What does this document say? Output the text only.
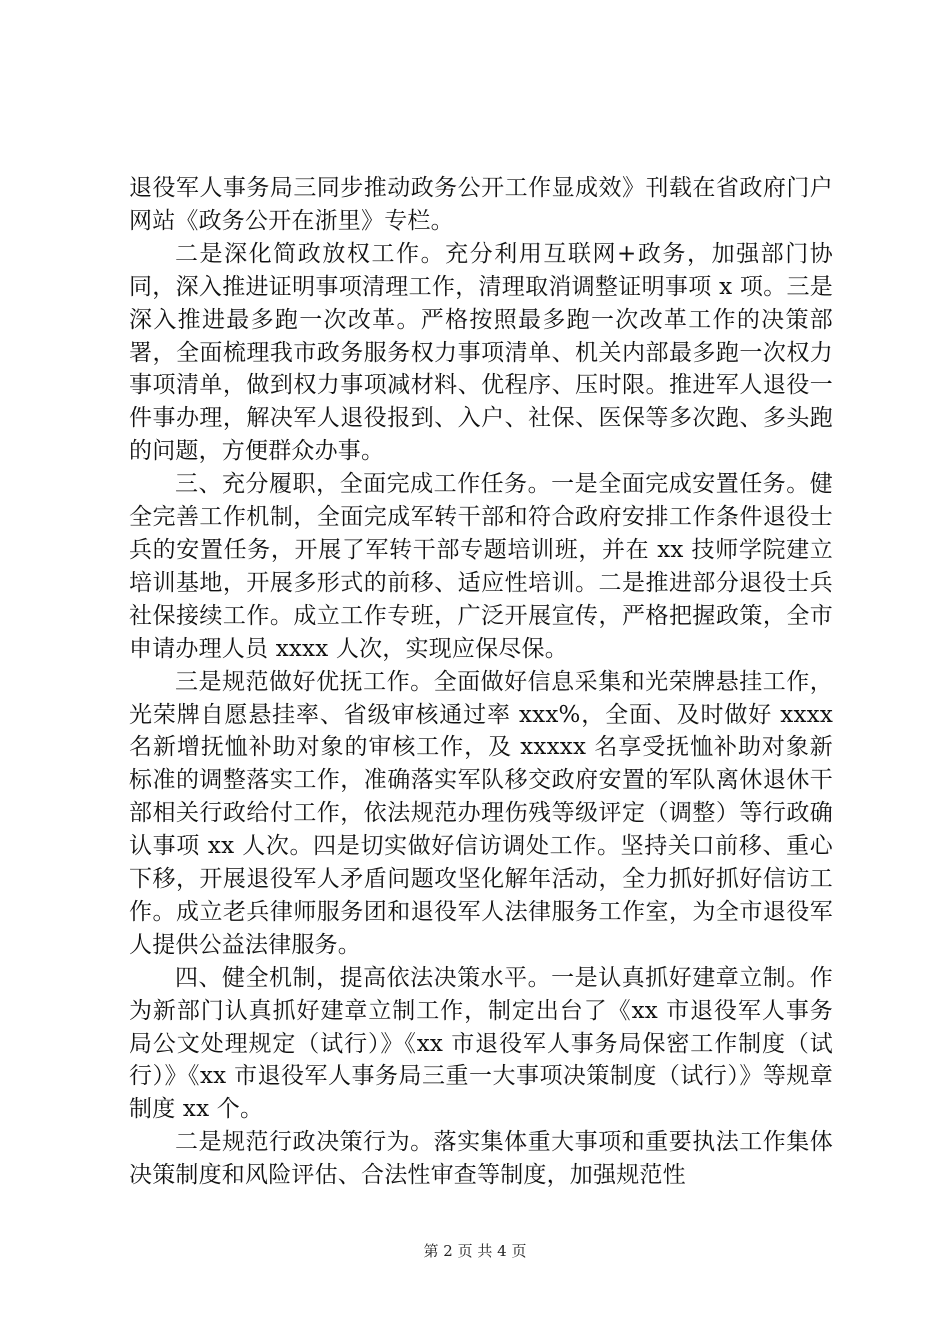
退役军人事务局三同步推动政务公开工作显成效》刊载在省政府门户网站《政务公开在浙里》专栏。

二是深化简政放权工作。充分利用互联网+政务，加强部门协同，深入推进证明事项清理工作，清理取消调整证明事项 x 项。三是深入推进最多跑一次改革。严格按照最多跑一次改革工作的决策部署，全面梳理我市政务服务权力事项清单、机关内部最多跑一次权力事项清单，做到权力事项减材料、优程序、压时限。推进军人退役一件事办理，解决军人退役报到、入户、社保、医保等多次跑、多头跑的问题，方便群众办事。

三、充分履职，全面完成工作任务。一是全面完成安置任务。健全完善工作机制，全面完成军转干部和符合政府安排工作条件退役士兵的安置任务，开展了军转干部专题培训班，并在 xx 技师学院建立培训基地，开展多形式的前移、适应性培训。二是推进部分退役士兵社保接续工作。成立工作专班，广泛开展宣传，严格把握政策，全市申请办理人员 xxxx 人次，实现应保尽保。

三是规范做好优抚工作。全面做好信息采集和光荣牌悬挂工作，光荣牌自愿悬挂率、省级审核通过率 xxx%，全面、及时做好 xxxx 名新增抚恤补助对象的审核工作，及 xxxxx 名享受抚恤补助对象新标准的调整落实工作，准确落实军队移交政府安置的军队离休退休干部相关行政给付工作，依法规范办理伤残等级评定（调整）等行政确认事项 xx 人次。四是切实做好信访调处工作。坚持关口前移、重心下移，开展退役军人矛盾问题攻坚化解年活动，全力抓好抓好信访工作。成立老兵律师服务团和退役军人法律服务工作室，为全市退役军人提供公益法律服务。

四、健全机制，提高依法决策水平。一是认真抓好建章立制。作为新部门认真抓好建章立制工作，制定出台了《xx 市退役军人事务局公文处理规定（试行）》《xx 市退役军人事务局保密工作制度（试行）》《xx 市退役军人事务局三重一大事项决策制度（试行）》等规章制度 xx 个。

二是规范行政决策行为。落实集体重大事项和重要执法工作集体决策制度和风险评估、合法性审查等制度，加强规范性

第 2 页 共 4 页
